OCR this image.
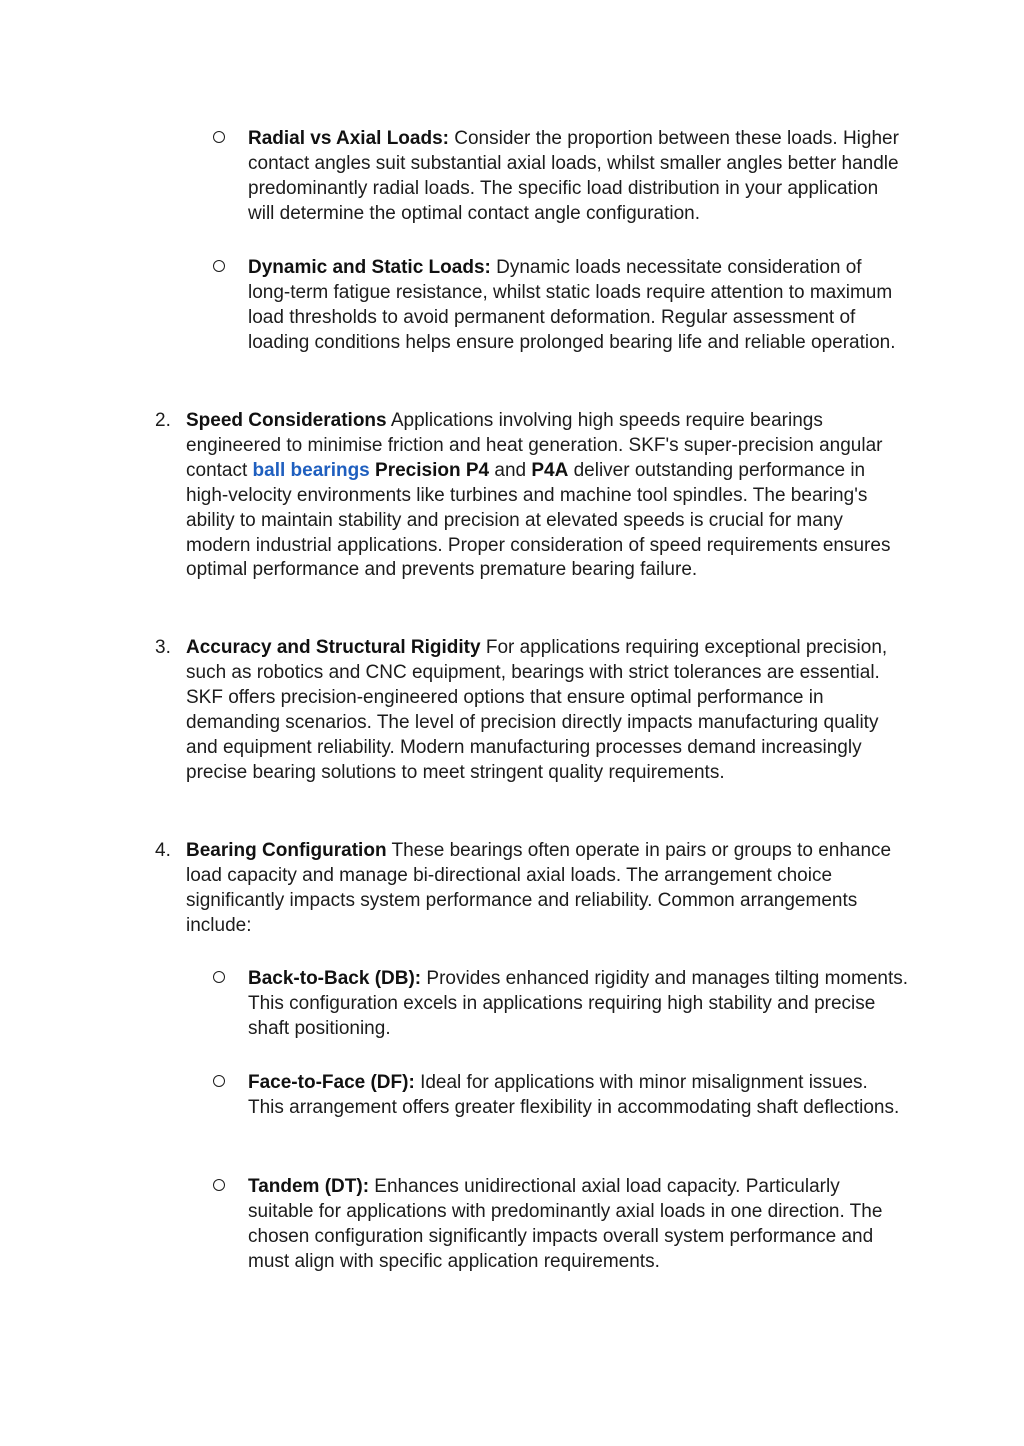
Radial vs Axial Loads: Consider the proportion between these loads. Higher contact angles suit substantial axial loads, whilst smaller angles better handle predominantly radial loads. The specific load distribution in your application will determine the optimal contact angle configuration.
Dynamic and Static Loads: Dynamic loads necessitate consideration of long-term fatigue resistance, whilst static loads require attention to maximum load thresholds to avoid permanent deformation. Regular assessment of loading conditions helps ensure prolonged bearing life and reliable operation.
2. Speed Considerations Applications involving high speeds require bearings engineered to minimise friction and heat generation. SKF's super-precision angular contact ball bearings Precision P4 and P4A deliver outstanding performance in high-velocity environments like turbines and machine tool spindles. The bearing's ability to maintain stability and precision at elevated speeds is crucial for many modern industrial applications. Proper consideration of speed requirements ensures optimal performance and prevents premature bearing failure.
3. Accuracy and Structural Rigidity For applications requiring exceptional precision, such as robotics and CNC equipment, bearings with strict tolerances are essential. SKF offers precision-engineered options that ensure optimal performance in demanding scenarios. The level of precision directly impacts manufacturing quality and equipment reliability. Modern manufacturing processes demand increasingly precise bearing solutions to meet stringent quality requirements.
4. Bearing Configuration These bearings often operate in pairs or groups to enhance load capacity and manage bi-directional axial loads. The arrangement choice significantly impacts system performance and reliability. Common arrangements include:
Back-to-Back (DB): Provides enhanced rigidity and manages tilting moments. This configuration excels in applications requiring high stability and precise shaft positioning.
Face-to-Face (DF): Ideal for applications with minor misalignment issues. This arrangement offers greater flexibility in accommodating shaft deflections.
Tandem (DT): Enhances unidirectional axial load capacity. Particularly suitable for applications with predominantly axial loads in one direction. The chosen configuration significantly impacts overall system performance and must align with specific application requirements.
